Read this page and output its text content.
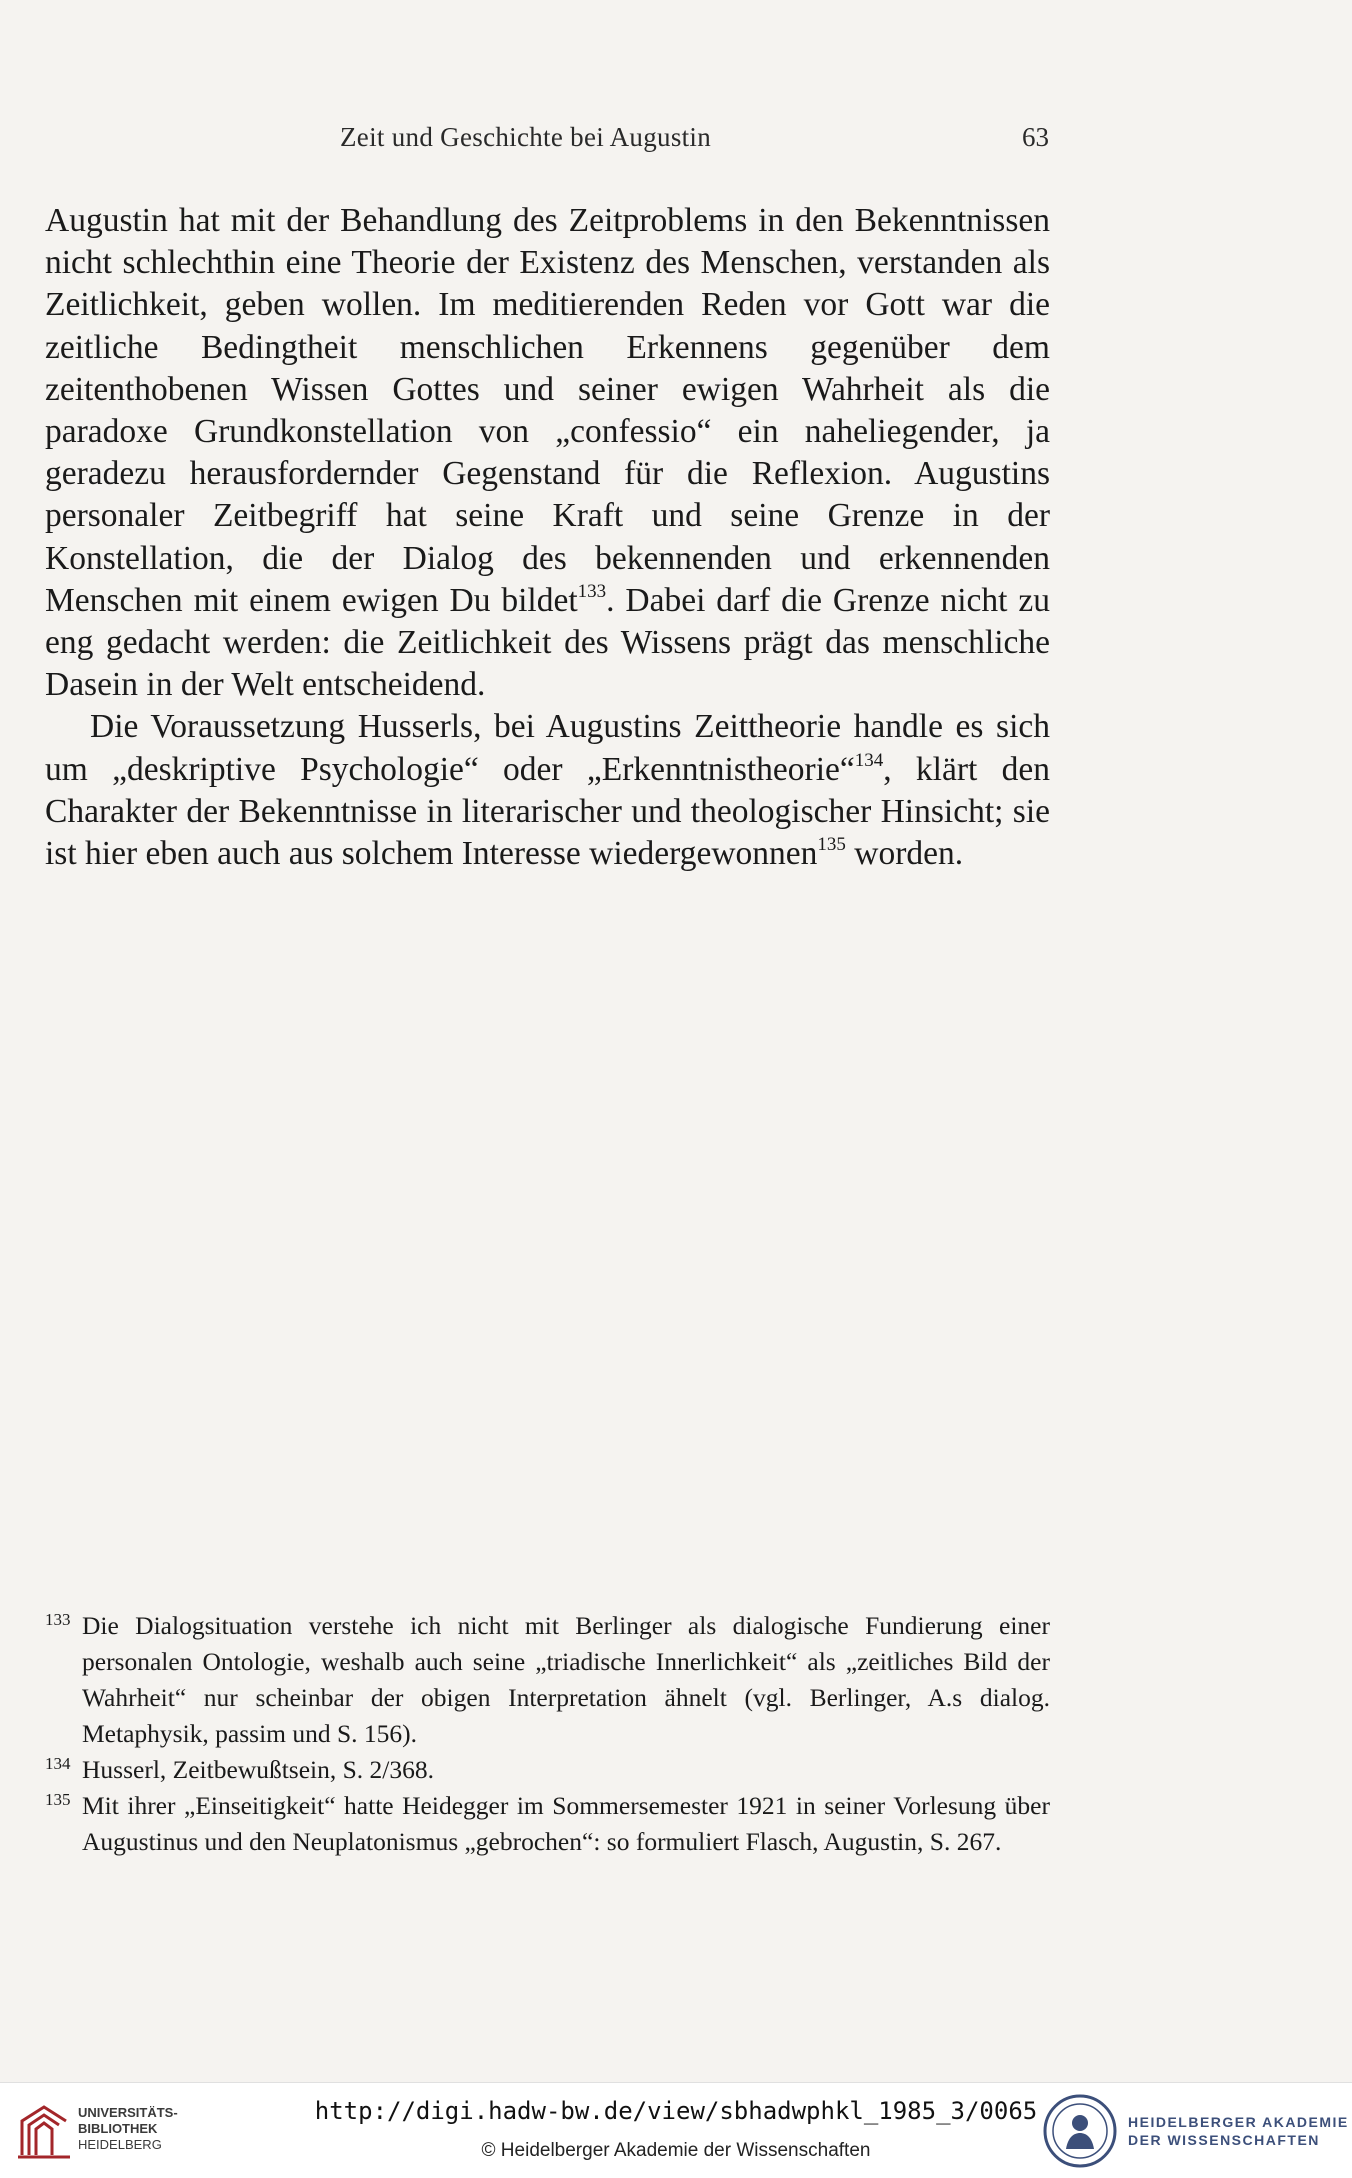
Zeit und Geschichte bei Augustin	63

Augustin hat mit der Behandlung des Zeitproblems in den Bekenntnissen nicht schlechthin eine Theorie der Existenz des Menschen, verstanden als Zeitlichkeit, geben wollen. Im meditierenden Reden vor Gott war die zeitliche Bedingtheit menschlichen Erkennens gegenüber dem zeitenthobenen Wissen Gottes und seiner ewigen Wahrheit als die paradoxe Grundkonstellation von „confessio“ ein naheliegender, ja geradezu herausfordernder Gegenstand für die Reflexion. Augustins personaler Zeitbegriff hat seine Kraft und seine Grenze in der Konstellation, die der Dialog des bekennenden und erkennenden Menschen mit einem ewigen Du bildet$^{133}$. Dabei darf die Grenze nicht zu eng gedacht werden: die Zeitlichkeit des Wissens prägt das menschliche Dasein in der Welt entscheidend.

Die Voraussetzung Husserls, bei Augustins Zeittheorie handle es sich um „deskriptive Psychologie“ oder „Erkenntnistheorie“$^{134}$, klärt den Charakter der Bekenntnisse in literarischer und theologischer Hinsicht; sie ist hier eben auch aus solchem Interesse wiedergewonnen$^{135}$ worden.

133 Die Dialogsituation verstehe ich nicht mit Berlinger als dialogische Fundierung einer personalen Ontologie, weshalb auch seine „triadische Innerlichkeit“ als „zeitliches Bild der Wahrheit“ nur scheinbar der obigen Interpretation ähnelt (vgl. Berlinger, A.s dialog. Metaphysik, passim und S. 156).
134 Husserl, Zeitbewußtsein, S. 2/368.
135 Mit ihrer „Einseitigkeit“ hatte Heidegger im Sommersemester 1921 in seiner Vorlesung über Augustinus und den Neuplatonismus „gebrochen“: so formuliert Flasch, Augustin, S. 267.
UNIVERSITÄTS-
BIBLIOTHEK
HEIDELBERG
http://digi.hadw-bw.de/view/sbhadwphkl_1985_3/0065
© Heidelberger Akademie der Wissenschaften
HEIDELBERGER AKADEMIE
DER WISSENSCHAFTEN
